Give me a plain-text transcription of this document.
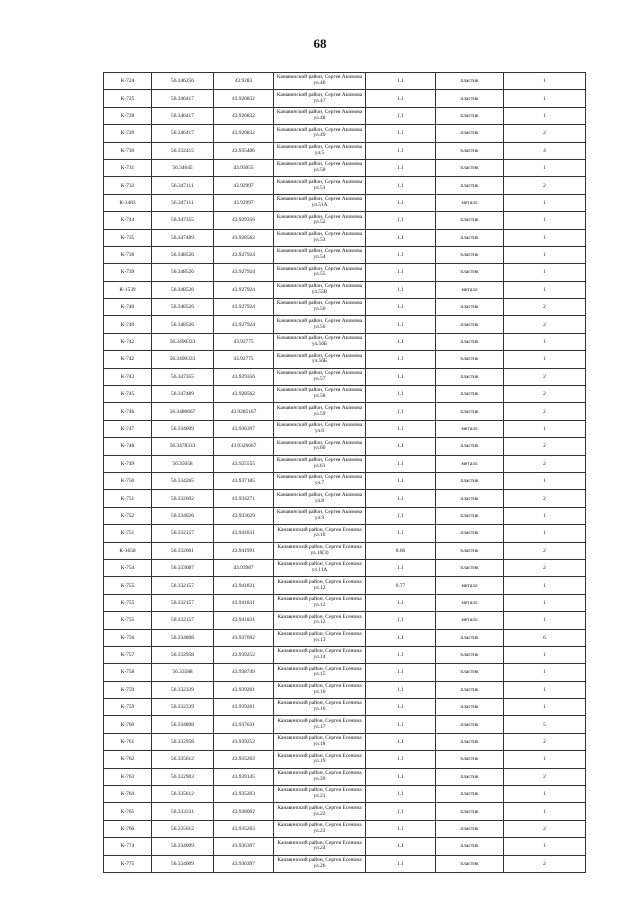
68
К-724	56.346256	43.9283	Канавинский район, Сергея Акимова ул.46	1.1	пластик	1
К-725	56.346417	43.926832	Канавинский район, Сергея Акимова ул.47	1.1	пластик	1
К-728	56.346417	43.926832	Канавинский район, Сергея Акимова ул.48	1.1	пластик	1
К-720	56.346417	43.926832	Канавинский район, Сергея Акимова ул.49	1.1	пластик	2
К-730	56.332415	43.935406	Канавинский район, Сергея Акимова ул.5	1.1	пластик	4
К-731	56.34645	43.93055	Канавинский район, Сергея Акимова ул.50	1.1	пластик	1
К-732	56.347111	43.92997	Канавинский район, Сергея Акимова ул.51	1.1	пластик	2
К-1483	56.347111	43.92997	Канавинский район, Сергея Акимова ул.51А	1.1	металл	1
К-744	56.347355	43.929356	Канавинский район, Сергея Акимова ул.52	1.1	пластик	1
К-735	56.347489	43.928562	Канавинский район, Сергея Акимова ул.53	1.1	пластик	1
К-736	56.348526	43.927924	Канавинский район, Сергея Акимова ул.54	1.1	пластик	1
К-739	56.348526	43.927924	Канавинский район, Сергея Акимова ул.55	1.1	пластик	1
К-1539	56.348526	43.927924	Канавинский район, Сергея Акимова ул.55В	1.1	металл	1
К-740	56.348526	43.927924	Канавинский район, Сергея Акимова ул.56	1.1	пластик	2
К-740	56.348526	43.927924	Канавинский район, Сергея Акимова ул.56	1.1	пластик	2
К-742	56.3490333	43.92775	Канавинский район, Сергея Акимова ул.56Б	1.1	пластик	1
К-742	56.3490333	43.92775	Канавинский район, Сергея Акимова ул.56Б	1.1	пластик	1
К-743	56.347355	43.929356	Канавинский район, Сергея Акимова ул.57	1.1	пластик	2
К-745	56.347489	43.928562	Канавинский район, Сергея Акимова ул.58	1.1	пластик	2
К-746	56.3486667	43.9285167	Канавинский район, Сергея Акимова ул.59	1.1	пластик	2
К-747	56.334009	43.936397	Канавинский район, Сергея Акимова ул.6	1.1	металл	1
К-748	56.3478333	43.9326667	Канавинский район, Сергея Акимова ул.60	1.1	пластик	2
К-749	56.35058	43.925555	Канавинский район, Сергея Акимова ул.61	1.1	металл	2
К-750	56.334265	43.937185	Канавинский район, Сергея Акимова ул.7	1.1	пластик	1
К-751	56.332602	43.934271	Канавинский район, Сергея Акимова ул.8	1.1	пластик	2
К-752	56.334626	43.933629	Канавинский район, Сергея Акимова ул.9	1.1	пластик	1
К-751	56.332157	43.941831	Канавинский район, Сергея Есенина ул.10	1.1	пластик	1
К-1658	56.332601	43.941991	Канавинский район, Сергея Есенина ул.10(3)	0.66	пластик	2
К-754	56.333687	43.93987	Канавинский район, Сергея Есенина ул.11А	1.1	пластик	2
К-755	56.332157	43.941831	Канавинский район, Сергея Есенина ул.12	0.77	металл	1
К-755	56.332157	43.941831	Канавинский район, Сергея Есенина ул.12	1.1	металл	1
К-755	56.332157	43.941831	Канавинский район, Сергея Есенина ул.12	1.1	металл	1
К-756	56.334808	43.937692	Канавинский район, Сергея Есенина ул.13	1.1	пластик	6
К-757	56.332958	43.939252	Канавинский район, Сергея Есенина ул.14	1.1	пластик	1
К-758	56.33588	43.938749	Канавинский район, Сергея Есенина ул.15	1.1	пластик	1
К-759	56.332339	43.939261	Канавинский район, Сергея Есенина ул.16	1.1	пластик	1
К-759	56.332339	43.939261	Канавинский район, Сергея Есенина ул.16	1.1	пластик	1
К-760	56.334808	43.937631	Канавинский район, Сергея Есенина ул.17	1.1	пластик	5
К-761	56.332958	43.939252	Канавинский район, Сергея Есенина ул.18	1.1	пластик	2
К-762	56.335612	43.935203	Канавинский район, Сергея Есенина ул.19	1.1	пластик	1
К-763	56.332903	43.939145	Канавинский район, Сергея Есенина ул.20	1.1	пластик	2
К-764	56.335612	43.935203	Канавинский район, Сергея Есенина ул.21	1.1	пластик	1
К-765	56.333331	43.938002	Канавинский район, Сергея Есенина ул.22	1.1	пластик	1
К-766	56.335612	43.935203	Канавинский район, Сергея Есенина ул.23	1.1	пластик	2
К-774	56.334009	43.936397	Канавинский район, Сергея Есенина ул.24	1.1	пластик	1
К-775	56.334009	43.936397	Канавинский район, Сергея Есенина ул.26	1.1	пластик	2
